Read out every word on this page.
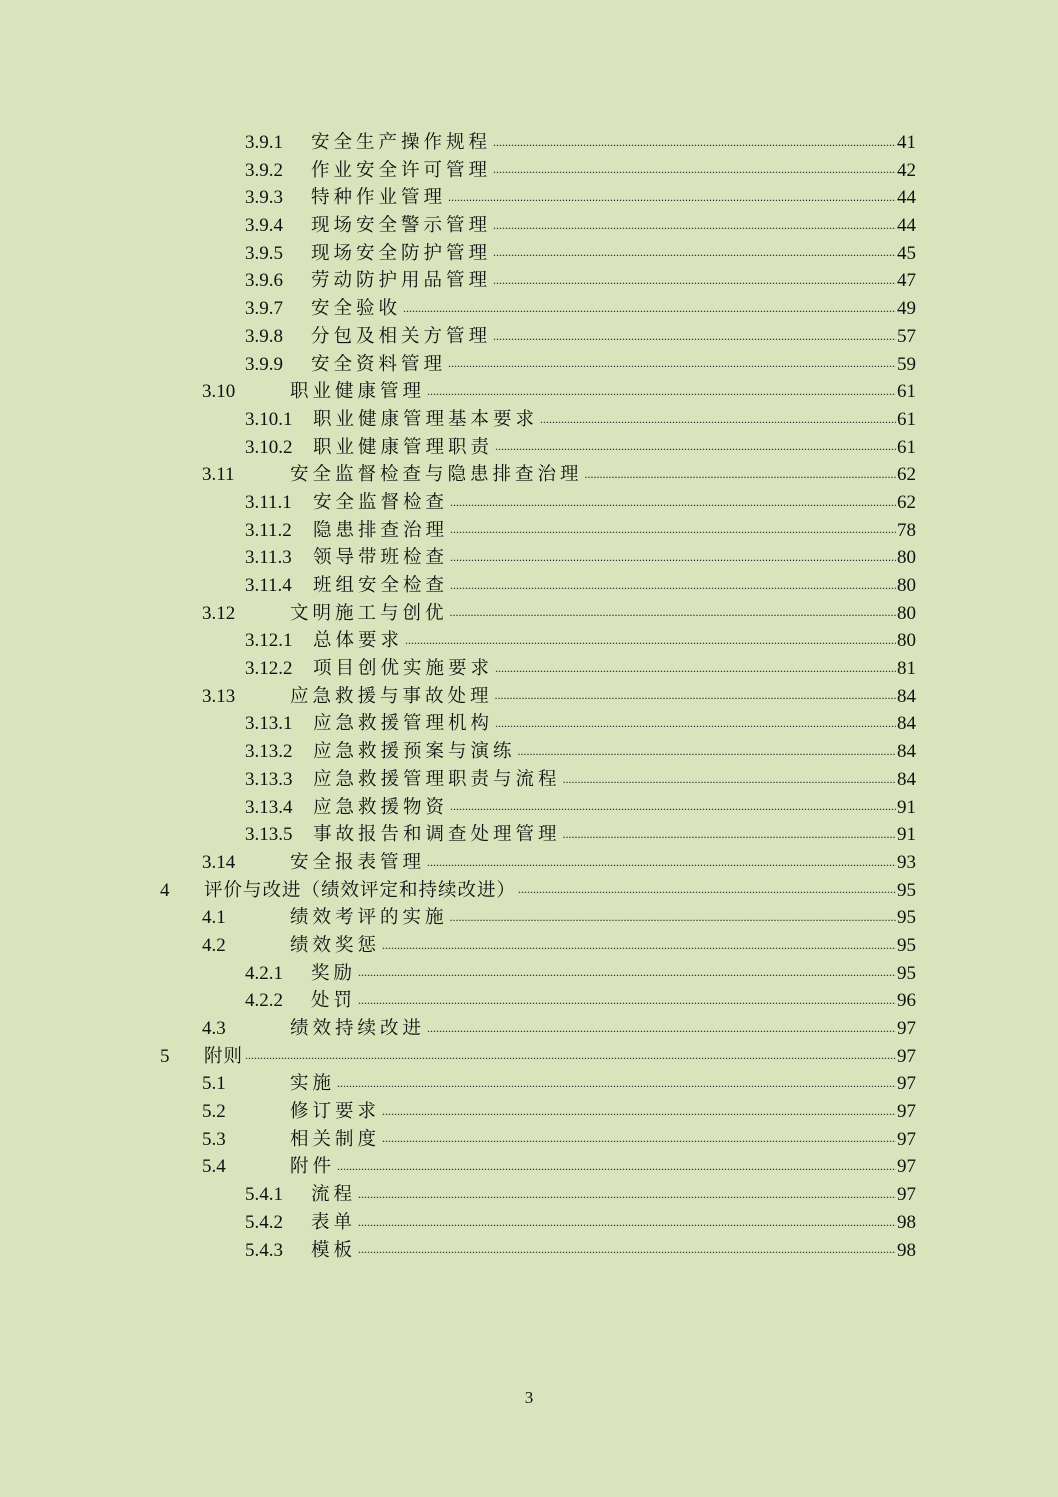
3.9.1 安全生产操作规程 .....	41
3.9.2 作业安全许可管理 .....	42
3.9.3 特种作业管理 .....	44
3.9.4 现场安全警示管理 .....	44
3.9.5 现场安全防护管理 .....	45
3.9.6 劳动防护用品管理 .....	47
3.9.7 安全验收 .....	49
3.9.8 分包及相关方管理 .....	57
3.9.9 安全资料管理 .....	59
3.10	职业健康管理 .....	61
3.10.1 职业健康管理基本要求 .....	61
3.10.2 职业健康管理职责 .....	61
3.11	安全监督检查与隐患排查治理 .....	62
3.11.1 安全监督检查 .....	62
3.11.2 隐患排查治理 .....	78
3.11.3 领导带班检查 .....	80
3.11.4 班组安全检查 .....	80
3.12	文明施工与创优 .....	80
3.12.1 总体要求 .....	80
3.12.2 项目创优实施要求 .....	81
3.13	应急救援与事故处理 .....	84
3.13.1 应急救援管理机构 .....	84
3.13.2 应急救援预案与演练 .....	84
3.13.3 应急救援管理职责与流程 .....	84
3.13.4 应急救援物资 .....	91
3.13.5 事故报告和调查处理管理 .....	91
3.14	安全报表管理 .....	93
4 评价与改进（绩效评定和持续改进） .....	95
4.1	绩效考评的实施 .....	95
4.2	绩效奖惩 .....	95
4.2.1 奖励 .....	95
4.2.2 处罚 .....	96
4.3	绩效持续改进 .....	97
5 附则 .....	97
5.1	实施 .....	97
5.2	修订要求 .....	97
5.3	相关制度 .....	97
5.4	附件 .....	97
5.4.1 流程 .....	97
5.4.2 表单 .....	98
5.4.3 模板 .....	98
3
